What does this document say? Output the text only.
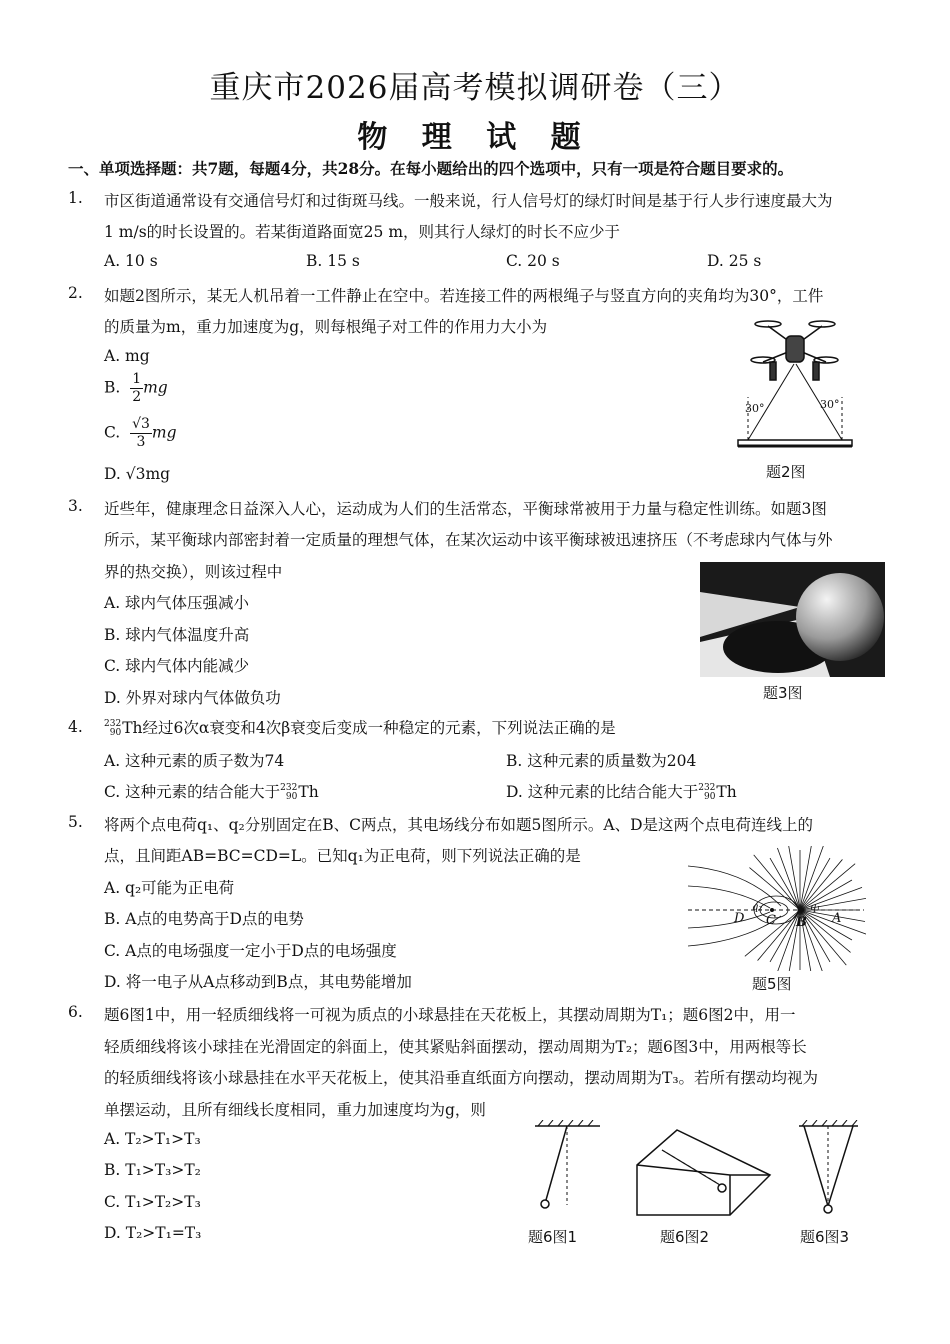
重庆市2026届高考模拟调研卷（三）
物 理 试 题
一、单项选择题：共7题，每题4分，共28分。在每小题给出的四个选项中，只有一项是符合题目要求的。
1. 市区街道通常设有交通信号灯和过街斑马线。一般来说，行人信号灯的绿灯时间是基于行人步行速度最大为
1 m/s的时长设置的。若某街道路面宽25 m，则其行人绿灯的时长不应少于
A. 10 s	B. 15 s	C. 20 s	D. 25 s
2. 如题2图所示，某无人机吊着一工件静止在空中。若连接工件的两根绳子与竖直方向的夹角均为30°，工件
的质量为m，重力加速度为g，则每根绳子对工件的作用力大小为
A. mg
B. $\frac{1}{2}$ mg
C. $\frac{√3}{3}$ mg
D. √3mg
30°	30°
题2图
3. 近些年，健康理念日益深入人心，运动成为人们的生活常态，平衡球常被用于力量与稳定性训练。如题3图
所示，某平衡球内部密封着一定质量的理想气体，在某次运动中该平衡球被迅速挤压（不考虑球内气体与外
界的热交换），则该过程中
A. 球内气体压强减小
B. 球内气体温度升高
C. 球内气体内能减少
D. 外界对球内气体做负功	题3图
4. 232
90Th经过6次α衰变和4次β衰变后变成一种稳定的元素，下列说法正确的是
A. 这种元素的质子数为74	B. 这种元素的质量数为204
C. 这种元素的结合能大于232
90Th	D. 这种元素的比结合能大于232
90Th
5. 将两个点电荷q₁、q₂分别固定在B、C两点，其电场线分布如题5图所示。A、D是这两个点电荷连线上的
点，且间距AB=BC=CD=L。已知q₁为正电荷，则下列说法正确的是
A. q₂可能为正电荷
B. A点的电势高于D点的电势
C. A点的电场强度一定小于D点的电场强度
D. 将一电子从A点移动到B点，其电势能增加
D C B A
q₂	q₁
题5图
6. 题6图1中，用一轻质细线将一可视为质点的小球悬挂在天花板上，其摆动周期为T₁；题6图2中，用一
轻质细线将该小球挂在光滑固定的斜面上，使其紧贴斜面摆动，摆动周期为T₂；题6图3中，用两根等长
的轻质细线将该小球悬挂在水平天花板上，使其沿垂直纸面方向摆动，摆动周期为T₃。若所有摆动均视为
单摆运动，且所有细线长度相同，重力加速度均为g，则
A. T₂>T₁>T₃
B. T₁>T₃>T₂
C. T₁>T₂>T₃
D. T₂>T₁=T₃	题6图1	题6图2	题6图3
